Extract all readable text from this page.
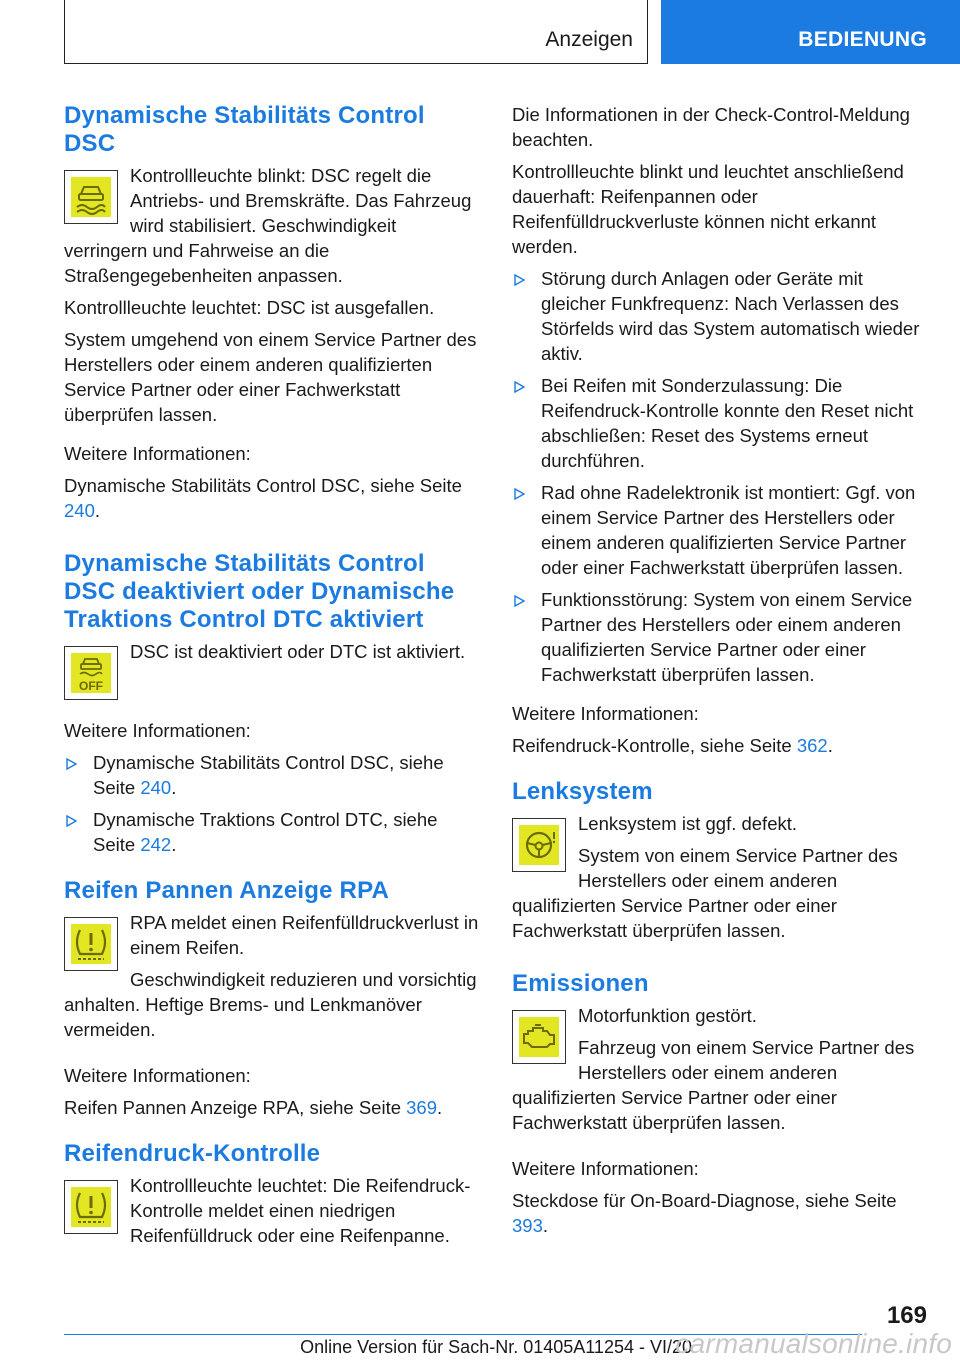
Anzeigen	BEDIENUNG
Dynamische Stabilitäts Control DSC

Kontrollleuchte blinkt: DSC regelt die Antriebs- und Bremskräfte. Das Fahrzeug wird stabilisiert. Geschwindigkeit verringern und Fahrweise an die Straßengegebenheiten anpassen.

Kontrollleuchte leuchtet: DSC ist ausgefallen.

System umgehend von einem Service Partner des Herstellers oder einem anderen qualifizierten Service Partner oder einer Fachwerkstatt überprüfen lassen.

Weitere Informationen:

Dynamische Stabilitäts Control DSC, siehe Seite 240.

Dynamische Stabilitäts Control DSC deaktiviert oder Dynamische Traktions Control DTC aktiviert
OFF

DSC ist deaktiviert oder DTC ist aktiviert.

Weitere Informationen:

Dynamische Stabilitäts Control DSC, siehe Seite 240.
Dynamische Traktions Control DTC, siehe Seite 242.
Reifen Pannen Anzeige RPA

RPA meldet einen Reifenfülldruckverlust in einem Reifen.

Geschwindigkeit reduzieren und vorsichtig anhalten. Heftige Brems- und Lenkmanöver vermeiden.

Weitere Informationen:

Reifen Pannen Anzeige RPA, siehe Seite 369.

Reifendruck-Kontrolle

Kontrollleuchte leuchtet: Die Reifendruck-Kontrolle meldet einen niedrigen Reifenfülldruck oder eine Reifenpanne.

Die Informationen in der Check-Control-Meldung beachten.

Kontrollleuchte blinkt und leuchtet anschließend dauerhaft: Reifenpannen oder Reifenfülldruckverluste können nicht erkannt werden.

Störung durch Anlagen oder Geräte mit gleicher Funkfrequenz: Nach Verlassen des Störfelds wird das System automatisch wieder aktiv.
Bei Reifen mit Sonderzulassung: Die Reifendruck-Kontrolle konnte den Reset nicht abschließen: Reset des Systems erneut durchführen.
Rad ohne Radelektronik ist montiert: Ggf. von einem Service Partner des Herstellers oder einem anderen qualifizierten Service Partner oder einer Fachwerkstatt überprüfen lassen.
Funktionsstörung: System von einem Service Partner des Herstellers oder einem anderen qualifizierten Service Partner oder einer Fachwerkstatt überprüfen lassen.

Weitere Informationen:

Reifendruck-Kontrolle, siehe Seite 362.

Lenksystem

Lenksystem ist ggf. defekt.

System von einem Service Partner des Herstellers oder einem anderen qualifizierten Service Partner oder einer Fachwerkstatt überprüfen lassen.

Emissionen

Motorfunktion gestört.

Fahrzeug von einem Service Partner des Herstellers oder einem anderen qualifizierten Service Partner oder einer Fachwerkstatt überprüfen lassen.

Weitere Informationen:

Steckdose für On-Board-Diagnose, siehe Seite 393.

169
Online Version für Sach-Nr. 01405A11254 - VI/20
carmanualsonline.info
